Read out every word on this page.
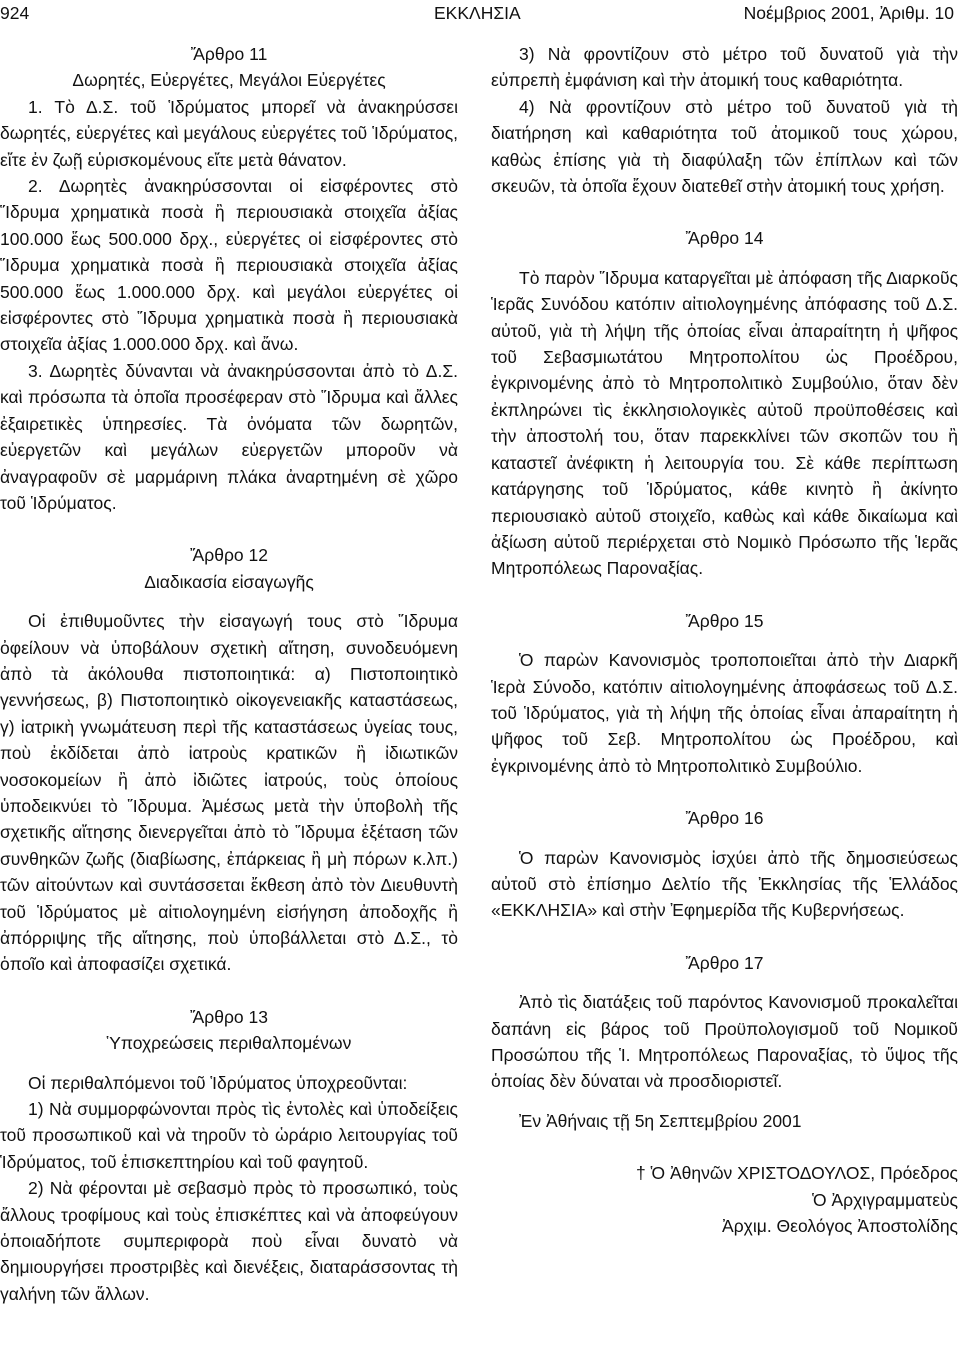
924	ΕΚΚΛΗΣΙΑ	Νοέμβριος 2001, Ἀριθμ. 10
Ἄρθρο 11
Δωρητές, Εὐεργέτες, Μεγάλοι Εὐεργέτες

1. Τὸ Δ.Σ. τοῦ Ἱδρύματος μπορεῖ νὰ ἀνακηρύσσει δωρητές, εὐεργέτες καὶ μεγάλους εὐεργέτες τοῦ Ἱδρύματος, εἴτε ἐν ζωῇ εὑρισκομένους εἴτε μετὰ θάνατον.

2. Δωρητὲς ἀνακηρύσσονται οἱ εἰσφέροντες στὸ Ἵδρυμα χρηματικὰ ποσὰ ἢ περιουσιακὰ στοιχεῖα ἀξίας 100.000 ἕως 500.000 δρχ., εὐεργέτες οἱ εἰσφέροντες στὸ Ἵδρυμα χρηματικὰ ποσὰ ἢ περιουσιακὰ στοιχεῖα ἀξίας 500.000 ἕως 1.000.000 δρχ. καὶ μεγάλοι εὐεργέτες οἱ εἰσφέροντες στὸ Ἵδρυμα χρηματικὰ ποσὰ ἢ περιουσιακὰ στοιχεῖα ἀξίας 1.000.000 δρχ. καὶ ἄνω.

3. Δωρητὲς δύνανται νὰ ἀνακηρύσσονται ἀπὸ τὸ Δ.Σ. καὶ πρόσωπα τὰ ὁποῖα προσέφεραν στὸ Ἵδρυμα καὶ ἄλλες ἐξαιρετικὲς ὑπηρεσίες. Τὰ ὀνόματα τῶν δωρητῶν, εὐεργετῶν καὶ μεγάλων εὐεργετῶν μποροῦν νὰ ἀναγραφοῦν σὲ μαρμάρινη πλάκα ἀναρτημένη σὲ χῶρο τοῦ Ἱδρύματος.

Ἄρθρο 12
Διαδικασία εἰσαγωγῆς

Οἱ ἐπιθυμοῦντες τὴν εἰσαγωγή τους στὸ Ἵδρυμα ὀφείλουν νὰ ὑποβάλουν σχετικὴ αἴτηση, συνοδευόμενη ἀπὸ τὰ ἀκόλουθα πιστοποιητικά: α) Πιστοποιητικὸ γεννήσεως, β) Πιστοποιητικὸ οἰκογενειακῆς καταστάσεως, γ) ἰατρικὴ γνωμάτευση περὶ τῆς καταστάσεως ὑγείας τους, ποὺ ἐκδίδεται ἀπὸ ἰατροὺς κρατικῶν ἢ ἰδιωτικῶν νοσοκομείων ἢ ἀπὸ ἰδιῶτες ἰατρούς, τοὺς ὁποίους ὑποδεικνύει τὸ Ἵδρυμα. Ἀμέσως μετὰ τὴν ὑποβολὴ τῆς σχετικῆς αἴτησης διενεργεῖται ἀπὸ τὸ Ἵδρυμα ἐξέταση τῶν συνθηκῶν ζωῆς (διαβίωσης, ἐπάρκειας ἢ μὴ πόρων κ.λπ.) τῶν αἰτούντων καὶ συντάσσεται ἔκθεση ἀπὸ τὸν Διευθυντὴ τοῦ Ἱδρύματος μὲ αἰτιολογημένη εἰσήγηση ἀποδοχῆς ἢ ἀπόρριψης τῆς αἴτησης, ποὺ ὑποβάλλεται στὸ Δ.Σ., τὸ ὁποῖο καὶ ἀποφασίζει σχετικά.

Ἄρθρο 13
Ὑποχρεώσεις περιθαλπομένων

Οἱ περιθαλπόμενοι τοῦ Ἱδρύματος ὑποχρεοῦνται:

1) Νὰ συμμορφώνονται πρὸς τὶς ἐντολὲς καὶ ὑποδείξεις τοῦ προσωπικοῦ καὶ νὰ τηροῦν τὸ ὡράριο λειτουργίας τοῦ Ἱδρύματος, τοῦ ἐπισκεπτηρίου καὶ τοῦ φαγητοῦ.

2) Νὰ φέρονται μὲ σεβασμὸ πρὸς τὸ προσωπικό, τοὺς ἄλλους τροφίμους καὶ τοὺς ἐπισκέπτες καὶ νὰ ἀποφεύγουν ὁποιαδήποτε συμπεριφορὰ ποὺ εἶναι δυνατὸ νὰ δημιουργήσει προστριβὲς καὶ διενέξεις, διαταράσσοντας τὴ γαλήνη τῶν ἄλλων.

3) Νὰ φροντίζουν στὸ μέτρο τοῦ δυνατοῦ γιὰ τὴν εὐπρεπὴ ἐμφάνιση καὶ τὴν ἀτομική τους καθαριότητα.

4) Νὰ φροντίζουν στὸ μέτρο τοῦ δυνατοῦ γιὰ τὴ διατήρηση καὶ καθαριότητα τοῦ ἀτομικοῦ τους χώρου, καθὼς ἐπίσης γιὰ τὴ διαφύλαξη τῶν ἐπίπλων καὶ τῶν σκευῶν, τὰ ὁποῖα ἔχουν διατεθεῖ στὴν ἀτομική τους χρήση.

Ἄρθρο 14

Τὸ παρὸν Ἵδρυμα καταργεῖται μὲ ἀπόφαση τῆς Διαρκοῦς Ἱερᾶς Συνόδου κατόπιν αἰτιολογημένης ἀπόφασης τοῦ Δ.Σ. αὐτοῦ, γιὰ τὴ λήψη τῆς ὁποίας εἶναι ἀπαραίτητη ἡ ψῆφος τοῦ Σεβασμιωτάτου Μητροπολίτου ὡς Προέδρου, ἐγκρινομένης ἀπὸ τὸ Μητροπολιτικὸ Συμβούλιο, ὅταν δὲν ἐκπληρώνει τὶς ἐκκλησιολογικὲς αὐτοῦ προϋποθέσεις καὶ τὴν ἀποστολή του, ὅταν παρεκκλίνει τῶν σκοπῶν του ἢ καταστεῖ ἀνέφικτη ἡ λειτουργία του. Σὲ κάθε περίπτωση κατάργησης τοῦ Ἱδρύματος, κάθε κινητὸ ἢ ἀκίνητο περιουσιακὸ αὐτοῦ στοιχεῖο, καθὼς καὶ κάθε δικαίωμα καὶ ἀξίωση αὐτοῦ περιέρχεται στὸ Νομικὸ Πρόσωπο τῆς Ἱερᾶς Μητροπόλεως Παροναξίας.

Ἄρθρο 15

Ὁ παρὼν Κανονισμὸς τροποποιεῖται ἀπὸ τὴν Διαρκῆ Ἱερὰ Σύνοδο, κατόπιν αἰτιολογημένης ἀποφάσεως τοῦ Δ.Σ. τοῦ Ἱδρύματος, γιὰ τὴ λήψη τῆς ὁποίας εἶναι ἀπαραίτητη ἡ ψῆφος τοῦ Σεβ. Μητροπολίτου ὡς Προέδρου, καὶ ἐγκρινομένης ἀπὸ τὸ Μητροπολιτικὸ Συμβούλιο.

Ἄρθρο 16

Ὁ παρὼν Κανονισμὸς ἰσχύει ἀπὸ τῆς δημοσιεύσεως αὐτοῦ στὸ ἐπίσημο Δελτίο τῆς Ἐκκλησίας τῆς Ἑλλάδος «ΕΚΚΛΗΣΙΑ» καὶ στὴν Ἐφημερίδα τῆς Κυβερνήσεως.

Ἄρθρο 17

Ἀπὸ τὶς διατάξεις τοῦ παρόντος Κανονισμοῦ προκαλεῖται δαπάνη εἰς βάρος τοῦ Προϋπολογισμοῦ τοῦ Νομικοῦ Προσώπου τῆς Ἱ. Μητροπόλεως Παροναξίας, τὸ ὕψος τῆς ὁποίας δὲν δύναται νὰ προσδιοριστεῖ.

Ἐν Ἀθήναις τῇ 5η Σεπτεμβρίου 2001

† Ὁ Ἀθηνῶν ΧΡΙΣΤΟΔΟΥΛΟΣ, Πρόεδρος

Ὁ Ἀρχιγραμματεὺς

Ἀρχιμ. Θεολόγος Ἀποστολίδης
